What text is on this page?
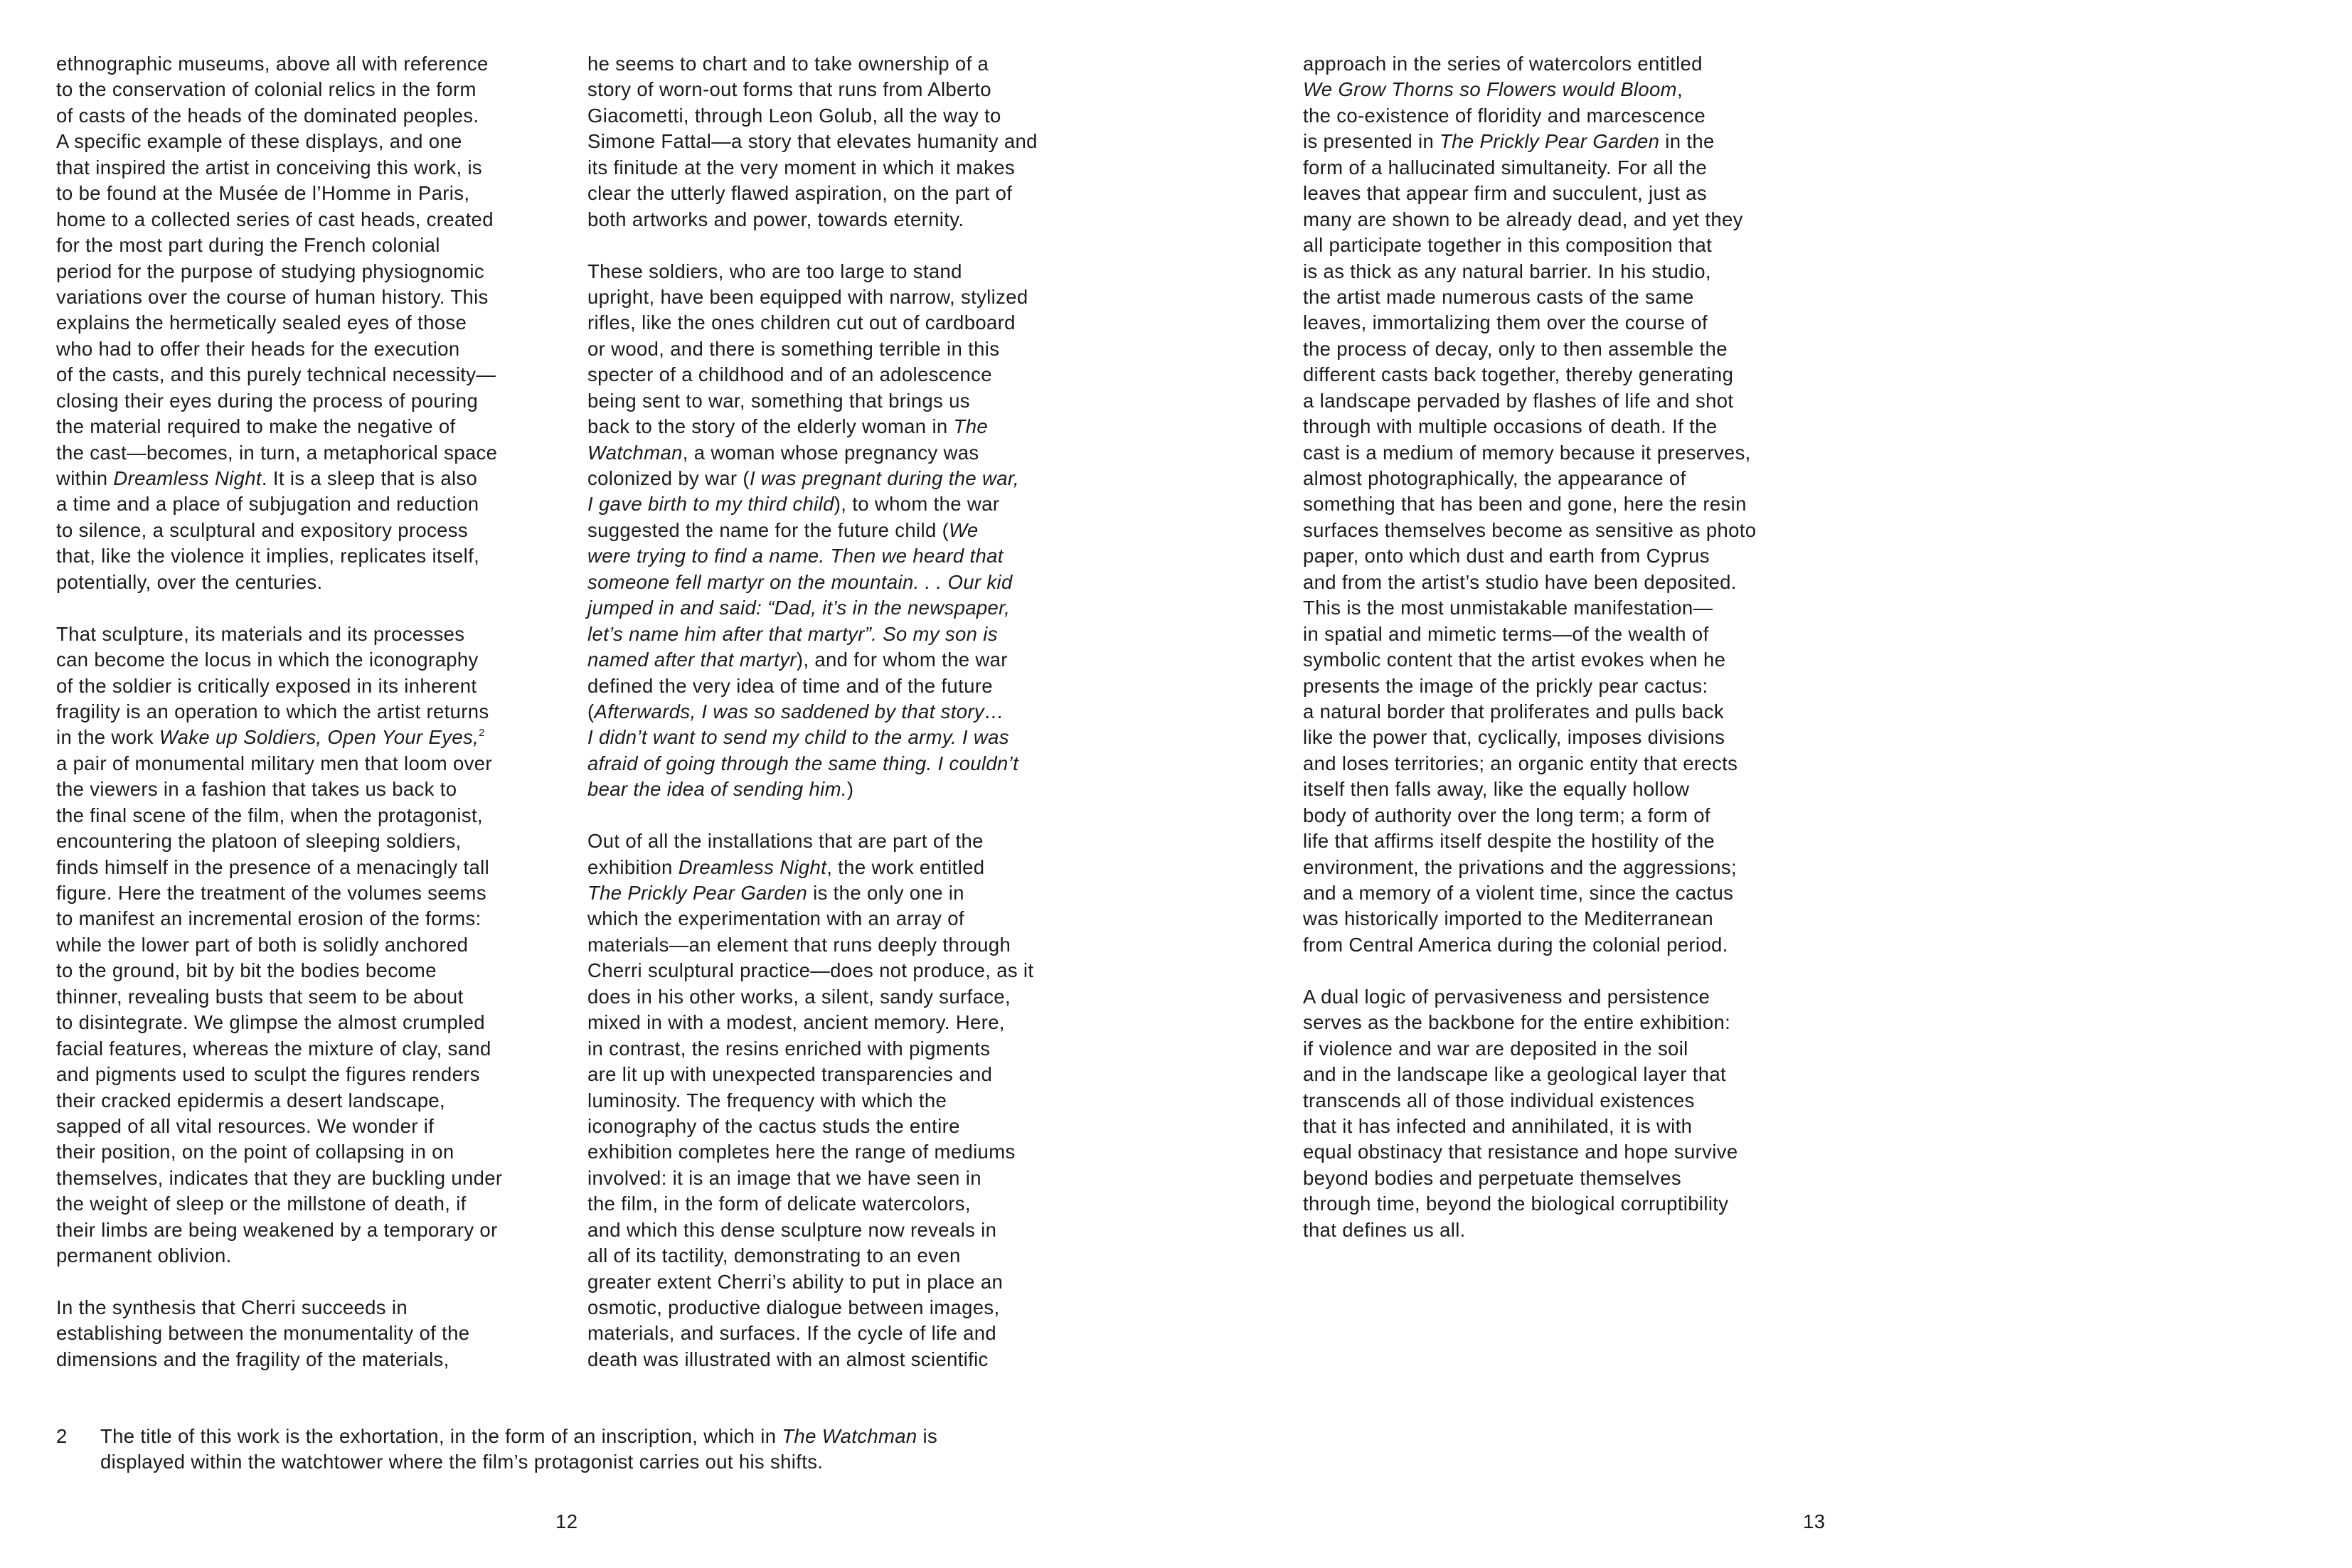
ethnographic museums, above all with reference
to the conservation of colonial relics in the form
of casts of the heads of the dominated peoples.
A specific example of these displays, and one
that inspired the artist in conceiving this work, is
to be found at the Musée de l’Homme in Paris,
home to a collected series of cast heads, created
for the most part during the French colonial
period for the purpose of studying physiognomic
variations over the course of human history. This
explains the hermetically sealed eyes of those
who had to offer their heads for the execution
of the casts, and this purely technical necessity—
closing their eyes during the process of pouring
the material required to make the negative of
the cast—becomes, in turn, a metaphorical space
within Dreamless Night. It is a sleep that is also
a time and a place of subjugation and reduction
to silence, a sculptural and expository process
that, like the violence it implies, replicates itself,
potentially, over the centuries.
That sculpture, its materials and its processes
can become the locus in which the iconography
of the soldier is critically exposed in its inherent
fragility is an operation to which the artist returns
in the work Wake up Soldiers, Open Your Eyes,$^2$
a pair of monumental military men that loom over
the viewers in a fashion that takes us back to
the final scene of the film, when the protagonist,
encountering the platoon of sleeping soldiers,
finds himself in the presence of a menacingly tall
figure. Here the treatment of the volumes seems
to manifest an incremental erosion of the forms:
while the lower part of both is solidly anchored
to the ground, bit by bit the bodies become
thinner, revealing busts that seem to be about
to disintegrate. We glimpse the almost crumpled
facial features, whereas the mixture of clay, sand
and pigments used to sculpt the figures renders
their cracked epidermis a desert landscape,
sapped of all vital resources. We wonder if
their position, on the point of collapsing in on
themselves, indicates that they are buckling under
the weight of sleep or the millstone of death, if
their limbs are being weakened by a temporary or
permanent oblivion.
In the synthesis that Cherri succeeds in
establishing between the monumentality of the
dimensions and the fragility of the materials,
he seems to chart and to take ownership of a
story of worn-out forms that runs from Alberto
Giacometti, through Leon Golub, all the way to
Simone Fattal—a story that elevates humanity and
its finitude at the very moment in which it makes
clear the utterly flawed aspiration, on the part of
both artworks and power, towards eternity.
These soldiers, who are too large to stand
upright, have been equipped with narrow, stylized
rifles, like the ones children cut out of cardboard
or wood, and there is something terrible in this
specter of a childhood and of an adolescence
being sent to war, something that brings us
back to the story of the elderly woman in The
Watchman, a woman whose pregnancy was
colonized by war (I was pregnant during the war,
I gave birth to my third child), to whom the war
suggested the name for the future child (We
were trying to find a name. Then we heard that
someone fell martyr on the mountain. . . Our kid
jumped in and said: “Dad, it’s in the newspaper,
let’s name him after that martyr”. So my son is
named after that martyr), and for whom the war
defined the very idea of time and of the future
(Afterwards, I was so saddened by that story…
I didn’t want to send my child to the army. I was
afraid of going through the same thing. I couldn’t
bear the idea of sending him.)
Out of all the installations that are part of the
exhibition Dreamless Night, the work entitled
The Prickly Pear Garden is the only one in
which the experimentation with an array of
materials—an element that runs deeply through
Cherri sculptural practice—does not produce, as it
does in his other works, a silent, sandy surface,
mixed in with a modest, ancient memory. Here,
in contrast, the resins enriched with pigments
are lit up with unexpected transparencies and
luminosity. The frequency with which the
iconography of the cactus studs the entire
exhibition completes here the range of mediums
involved: it is an image that we have seen in
the film, in the form of delicate watercolors,
and which this dense sculpture now reveals in
all of its tactility, demonstrating to an even
greater extent Cherri’s ability to put in place an
osmotic, productive dialogue between images,
materials, and surfaces. If the cycle of life and
death was illustrated with an almost scientific
approach in the series of watercolors entitled
We Grow Thorns so Flowers would Bloom,
the co-existence of floridity and marcescence
is presented in The Prickly Pear Garden in the
form of a hallucinated simultaneity. For all the
leaves that appear firm and succulent, just as
many are shown to be already dead, and yet they
all participate together in this composition that
is as thick as any natural barrier. In his studio,
the artist made numerous casts of the same
leaves, immortalizing them over the course of
the process of decay, only to then assemble the
different casts back together, thereby generating
a landscape pervaded by flashes of life and shot
through with multiple occasions of death. If the
cast is a medium of memory because it preserves,
almost photographically, the appearance of
something that has been and gone, here the resin
surfaces themselves become as sensitive as photo
paper, onto which dust and earth from Cyprus
and from the artist’s studio have been deposited.
This is the most unmistakable manifestation—
in spatial and mimetic terms—of the wealth of
symbolic content that the artist evokes when he
presents the image of the prickly pear cactus:
a natural border that proliferates and pulls back
like the power that, cyclically, imposes divisions
and loses territories; an organic entity that erects
itself then falls away, like the equally hollow
body of authority over the long term; a form of
life that affirms itself despite the hostility of the
environment, the privations and the aggressions;
and a memory of a violent time, since the cactus
was historically imported to the Mediterranean
from Central America during the colonial period.
A dual logic of pervasiveness and persistence
serves as the backbone for the entire exhibition:
if violence and war are deposited in the soil
and in the landscape like a geological layer that
transcends all of those individual existences
that it has infected and annihilated, it is with
equal obstinacy that resistance and hope survive
beyond bodies and perpetuate themselves
through time, beyond the biological corruptibility
that defines us all.

2

The title of this work is the exhortation, in the form of an inscription, which in The Watchman is
displayed within the watchtower where the film’s protagonist carries out his shifts.

12	13
